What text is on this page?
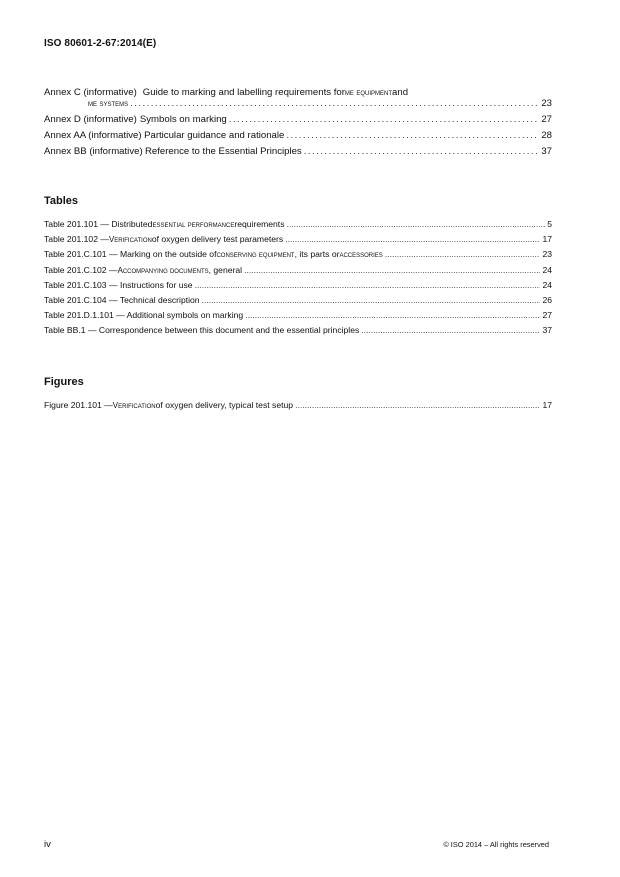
ISO 80601-2-67:2014(E)
Annex C (informative) Guide to marking and labelling requirements for me equipment and
me systems . . .	23
Annex D (informative) Symbols on marking . . .	27
Annex AA (informative) Particular guidance and rationale . . .	28
Annex BB (informative) Reference to the Essential Principles . . .	37
Tables
Table 201.101 — Distributed essential performance requirements . . .	5
Table 201.102 — Verification of oxygen delivery test parameters . . .	17
Table 201.C.101 — Marking on the outside of conserving equipment , its parts or accessories . . .	23
Table 201.C.102 — Accompanying documents , general . . .	24
Table 201.C.103 — Instructions for use . . .	24
Table 201.C.104 — Technical description . . .	26
Table 201.D.1.101 — Additional symbols on marking . . .	27
Table BB.1 — Correspondence between this document and the essential principles . . .	37
Figures
Figure 201.101 — Verification of oxygen delivery, typical test setup . . .	17
iv	© ISO 2014 – All rights reserved
